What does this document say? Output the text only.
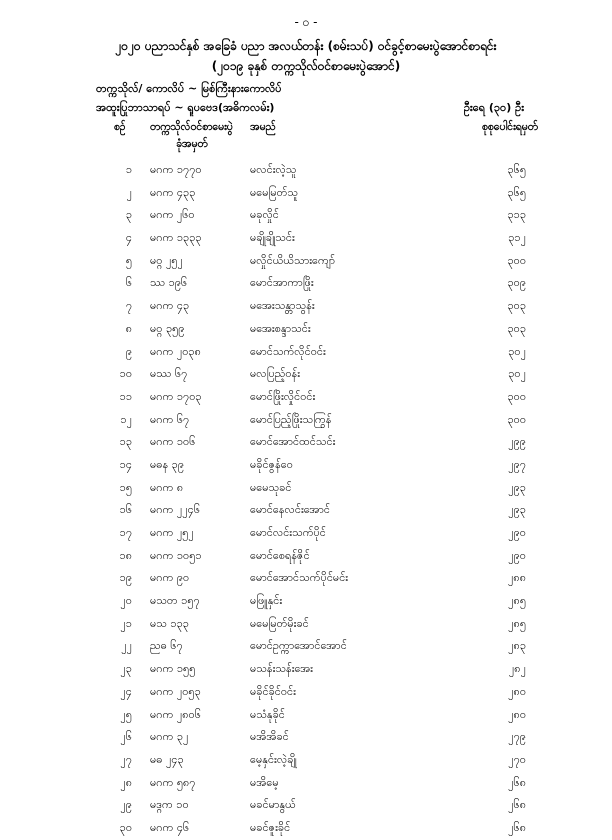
- ၀ -
၂၀၂၀ ပညာသင်နှစ် အခြေခံ ပညာ အလယ်တန်း (စမ်းသပ်) ဝင်ခွင့်စာမေးပွဲအောင်စာရင်း
(၂၀၁၉ ခုနှစ် တက္ကသိုလ်ဝင်စာမေးပွဲအောင်)
တက္ကသိုလ်/ ကောလိပ် ~ မြစ်ကြီးနားကောလိပ်
အထူးပြုဘာသာရပ် ~ ရူပဗေဒ(အဓိကလမ်း)	ဦးရေ (၃၀) ဦး
စဉ် တက္ကသိုလ်ဝင်စာမေးပွဲ
ခုံအမှတ်
အမည်	စုစုပေါင်းရမှတ်
၁ မဂက ၁၇၇၀	မလင်းလဲ့သူ	၃၆၅
၂ မဂက ၄၃၃	မမေမြတ်သူ	၃၆၅
၃ မဂက ၂၆၀	မခုလှိုင်	၃၁၃
၄ မဂက ၁၃၃၃	မချိုချိုသင်း	၃၁၂
၅ မဝ္ဂ ၂၅၂	မလှိုင်ယိယိသားကျော်	၃၀၀
၆ ဿ ၁၉၆	မောင်အာကာဖြိုး	၃၀၉
၇ မဂက ၄၃	မအေးသန္တာသွန်း	၃၀၃
၈ မဝ္ဂ ၃၅၉	မအေးစန္ဒာသင်း	၃၀၃
၉ မဂက ၂၀၃၈	မောင်သက်လိုင်ဝင်း	၃၀၂
၁၀ မဿ ၆၇	မလပြည့်ဝန်း	၃၀၂
၁၁ မဂက ၁၇၀၃	မောင်ဖြိုးလှိုင်ဝင်း	၃၀၀
၁၂ မဂက ၆၇	မောင်ပြည့်ဖြိုးသကြွန်	၃၀၀
၁၃ မဂက ၁၀၆	မောင်အောင်ထင်သင်း	၂၉၉
၁၄ မဓန ၃၉	မခိုင်ဇွန်ဝေ	၂၉၇
၁၅ မဂက ၈	မမေသုခင်	၂၉၃
၁၆ မဂက ၂၂၄၆	မောင်နေလင်းအောင်	၂၉၃
၁၇ မဂက ၂၅၂	မောင်လင်းသက်ပိုင်	၂၉၀
၁၈ မဂက ၁၀၅၁	မောင်စေရန်ဇိုင်	၂၉၀
၁၉ မဂက ၉၀	မောင်အောင်သက်ပိုင်မင်း	၂၈၈
၂၀ မသတ ၁၅၇	မဖြူနှင်း	၂၈၅
၂၁ မသ ၁၃၃	မမေမြတ်မိုးခင်	၂၈၅
၂၂ ညဓ ၆၇	မောင်ဥက္ကာအောင်အောင်	၂၈၃
၂၃ မဂက ၁၅၅	မသန်းသန်းအေး	၂၈၂
၂၄ မဂက ၂၀၅၃	မခိုင်ခိုင်ဝင်း	၂၈၀
၂၅ မဂက ၂၈၀၆	မသံနုခိုင်	၂၈၀
၂၆ မဂက ၃၂	မအိအိခင်	၂၇၉
၂၇ မဓ ၂၄၃	မေ့နှင်းလဲ့ချို	၂၇၀
၂၈ မဂက ၅၈၇	မအိမေ့	၂၆၈
၂၉ မဒ္ဂက ၁၀	မခင်မာနွယ်	၂၆၈
၃၀ မဂက ၄၆	မခင်ဇူးခိုင်	၂၆၈
